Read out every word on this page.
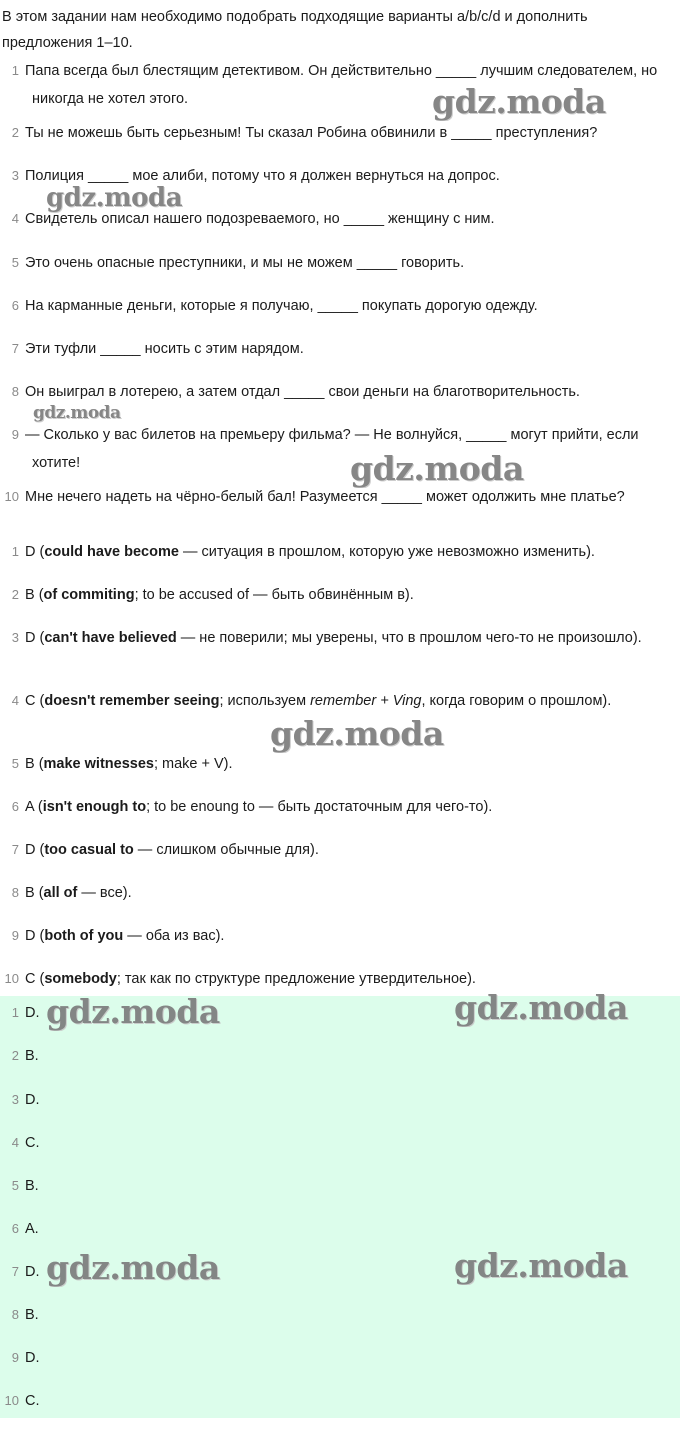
В этом задании нам необходимо подобрать подходящие варианты a/b/c/d и дополнить предложения 1–10.
1 Папа всегда был блестящим детективом. Он действительно _____ лучшим следователем, но никогда не хотел этого.
2 Ты не можешь быть серьезным! Ты сказал Робина обвинили в _____ преступления?
3 Полиция _____ мое алиби, потому что я должен вернуться на допрос.
4 Свидетель описал нашего подозреваемого, но _____ женщину с ним.
5 Это очень опасные преступники, и мы не можем _____ говорить.
6 На карманные деньги, которые я получаю, _____ покупать дорогую одежду.
7 Эти туфли _____ носить с этим нарядом.
8 Он выиграл в лотерею, а затем отдал _____ свои деньги на благотворительность.
9 — Сколько у вас билетов на премьеру фильма? — Не волнуйся, _____ могут прийти, если хотите!
10 Мне нечего надеть на чёрно-белый бал! Разумеется _____ может одолжить мне платье?
1 D (could have become — ситуация в прошлом, которую уже невозможно изменить).
2 B (of commiting; to be accused of — быть обвинённым в).
3 D (can't have believed — не поверили; мы уверены, что в прошлом чего-то не произошло).
4 C (doesn't remember seeing; используем remember + Ving, когда говорим о прошлом).
5 B (make witnesses; make + V).
6 A (isn't enough to; to be enoung to — быть достаточным для чего-то).
7 D (too casual to — слишком обычные для).
8 B (all of — все).
9 D (both of you — оба из вас).
10 C (somebody; так как по структуре предложение утвердительное).
1 D.
2 B.
3 D.
4 C.
5 B.
6 A.
7 D.
8 B.
9 D.
10 C.
gdz.moda
gdz.moda
gdz.moda
gdz.moda
gdz.moda
gdz.moda	gdz.moda
gdz.moda	gdz.moda
